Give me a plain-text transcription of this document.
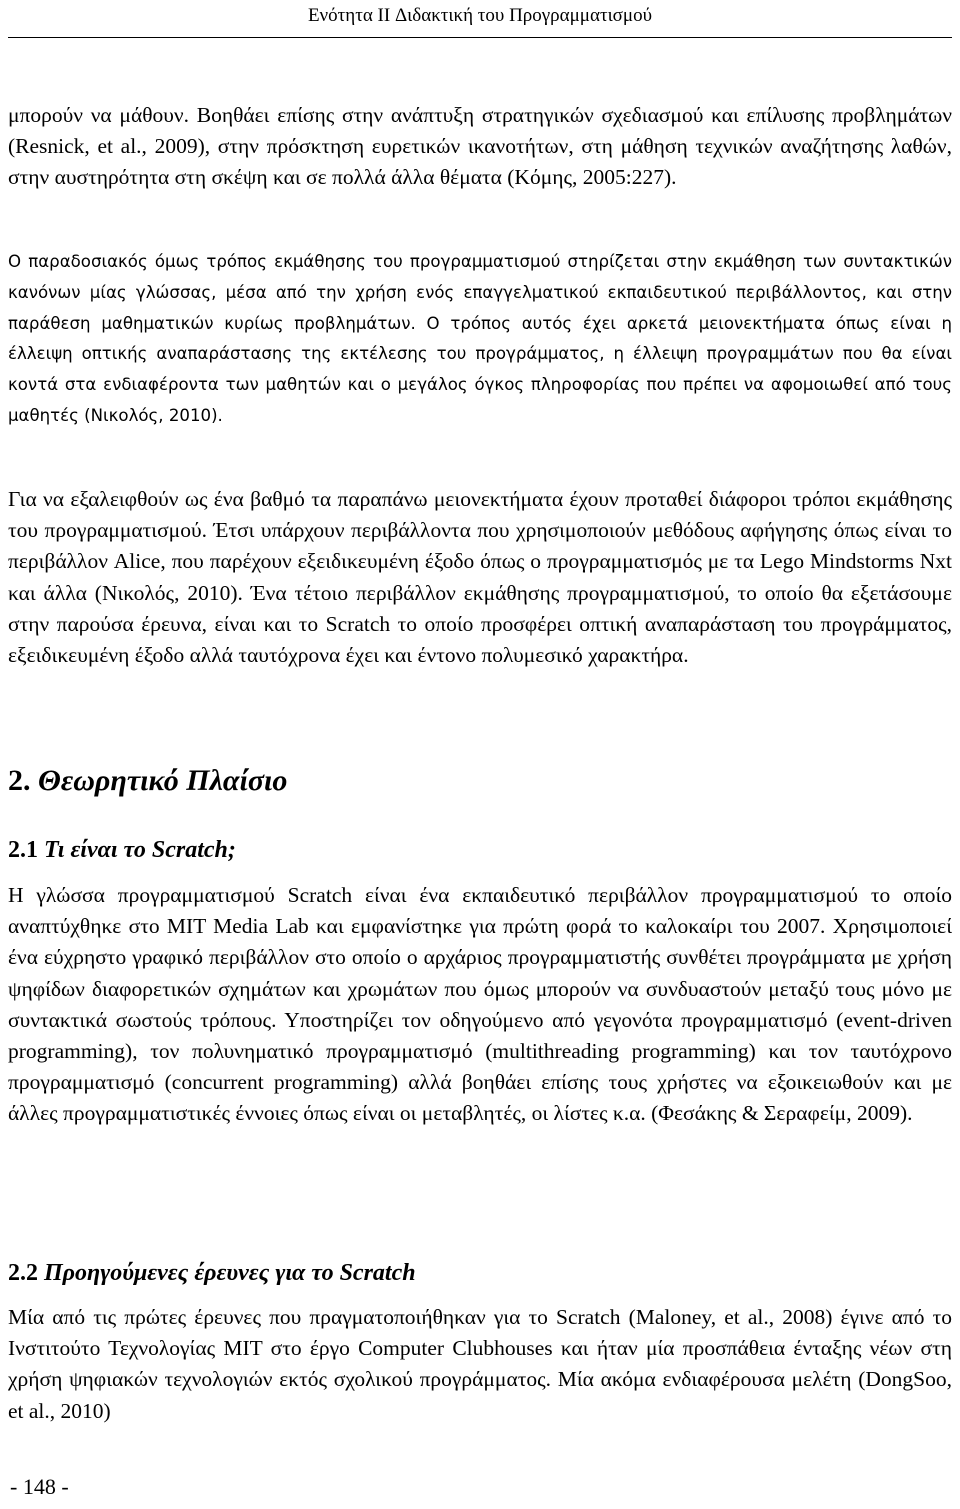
Ενότητα II Διδακτική του Προγραμματισμού

μπορούν να μάθουν. Βοηθάει επίσης στην ανάπτυξη στρατηγικών σχεδιασμού και επίλυσης προβλημάτων (Resnick, et al., 2009), στην πρόσκτηση ευρετικών ικανοτήτων, στη μάθηση τεχνικών αναζήτησης λαθών, στην αυστηρότητα στη σκέψη και σε πολλά άλλα θέματα (Κόμης, 2005:227).

Ο παραδοσιακός όμως τρόπος εκμάθησης του προγραμματισμού στηρίζεται στην εκμάθηση των συντακτικών κανόνων μίας γλώσσας, μέσα από την χρήση ενός επαγγελματικού εκπαιδευτικού περιβάλλοντος, και στην παράθεση μαθηματικών κυρίως προβλημάτων. Ο τρόπος αυτός έχει αρκετά μειονεκτήματα όπως είναι η έλλειψη οπτικής αναπαράστασης της εκτέλεσης του προγράμματος, η έλλειψη προγραμμάτων που θα είναι κοντά στα ενδιαφέροντα των μαθητών και ο μεγάλος όγκος πληροφορίας που πρέπει να αφομοιωθεί από τους μαθητές (Νικολός, 2010).

Για να εξαλειφθούν ως ένα βαθμό τα παραπάνω μειονεκτήματα έχουν προταθεί διάφοροι τρόποι εκμάθησης του προγραμματισμού. Έτσι υπάρχουν περιβάλλοντα που χρησιμοποιούν μεθόδους αφήγησης όπως είναι το περιβάλλον Alice, που παρέχουν εξειδικευμένη έξοδο όπως ο προγραμματισμός με τα Lego Mindstorms Nxt και άλλα (Νικολός, 2010). Ένα τέτοιο περιβάλλον εκμάθησης προγραμματισμού, το οποίο θα εξετάσουμε στην παρούσα έρευνα, είναι και το Scratch το οποίο προσφέρει οπτική αναπαράσταση του προγράμματος, εξειδικευμένη έξοδο αλλά ταυτόχρονα έχει και έντονο πολυμεσικό χαρακτήρα.

2. Θεωρητικό Πλαίσιο
2.1 Τι είναι το Scratch;

Η γλώσσα προγραμματισμού Scratch είναι ένα εκπαιδευτικό περιβάλλον προγραμματισμού το οποίο αναπτύχθηκε στο MIT Media Lab και εμφανίστηκε για πρώτη φορά το καλοκαίρι του 2007. Χρησιμοποιεί ένα εύχρηστο γραφικό περιβάλλον στο οποίο ο αρχάριος προγραμματιστής συνθέτει προγράμματα με χρήση ψηφίδων διαφορετικών σχημάτων και χρωμάτων που όμως μπορούν να συνδυαστούν μεταξύ τους μόνο με συντακτικά σωστούς τρόπους. Υποστηρίζει τον οδηγούμενο από γεγονότα προγραμματισμό (event-driven programming), τον πολυνηματικό προγραμματισμό (multithreading programming) και τον ταυτόχρονο προγραμματισμό (concurrent programming) αλλά βοηθάει επίσης τους χρήστες να εξοικειωθούν και με άλλες προγραμματιστικές έννοιες όπως είναι οι μεταβλητές, οι λίστες κ.α. (Φεσάκης & Σεραφείμ, 2009).

2.2 Προηγούμενες έρευνες για το Scratch

Μία από τις πρώτες έρευνες που πραγματοποιήθηκαν για το Scratch (Maloney, et al., 2008) έγινε από το Ινστιτούτο Τεχνολογίας MIT στο έργο Computer Clubhouses και ήταν μία προσπάθεια ένταξης νέων στη χρήση ψηφιακών τεχνολογιών εκτός σχολικού προγράμματος. Μία ακόμα ενδιαφέρουσα μελέτη (DongSoo, et al., 2010)

- 148 -
